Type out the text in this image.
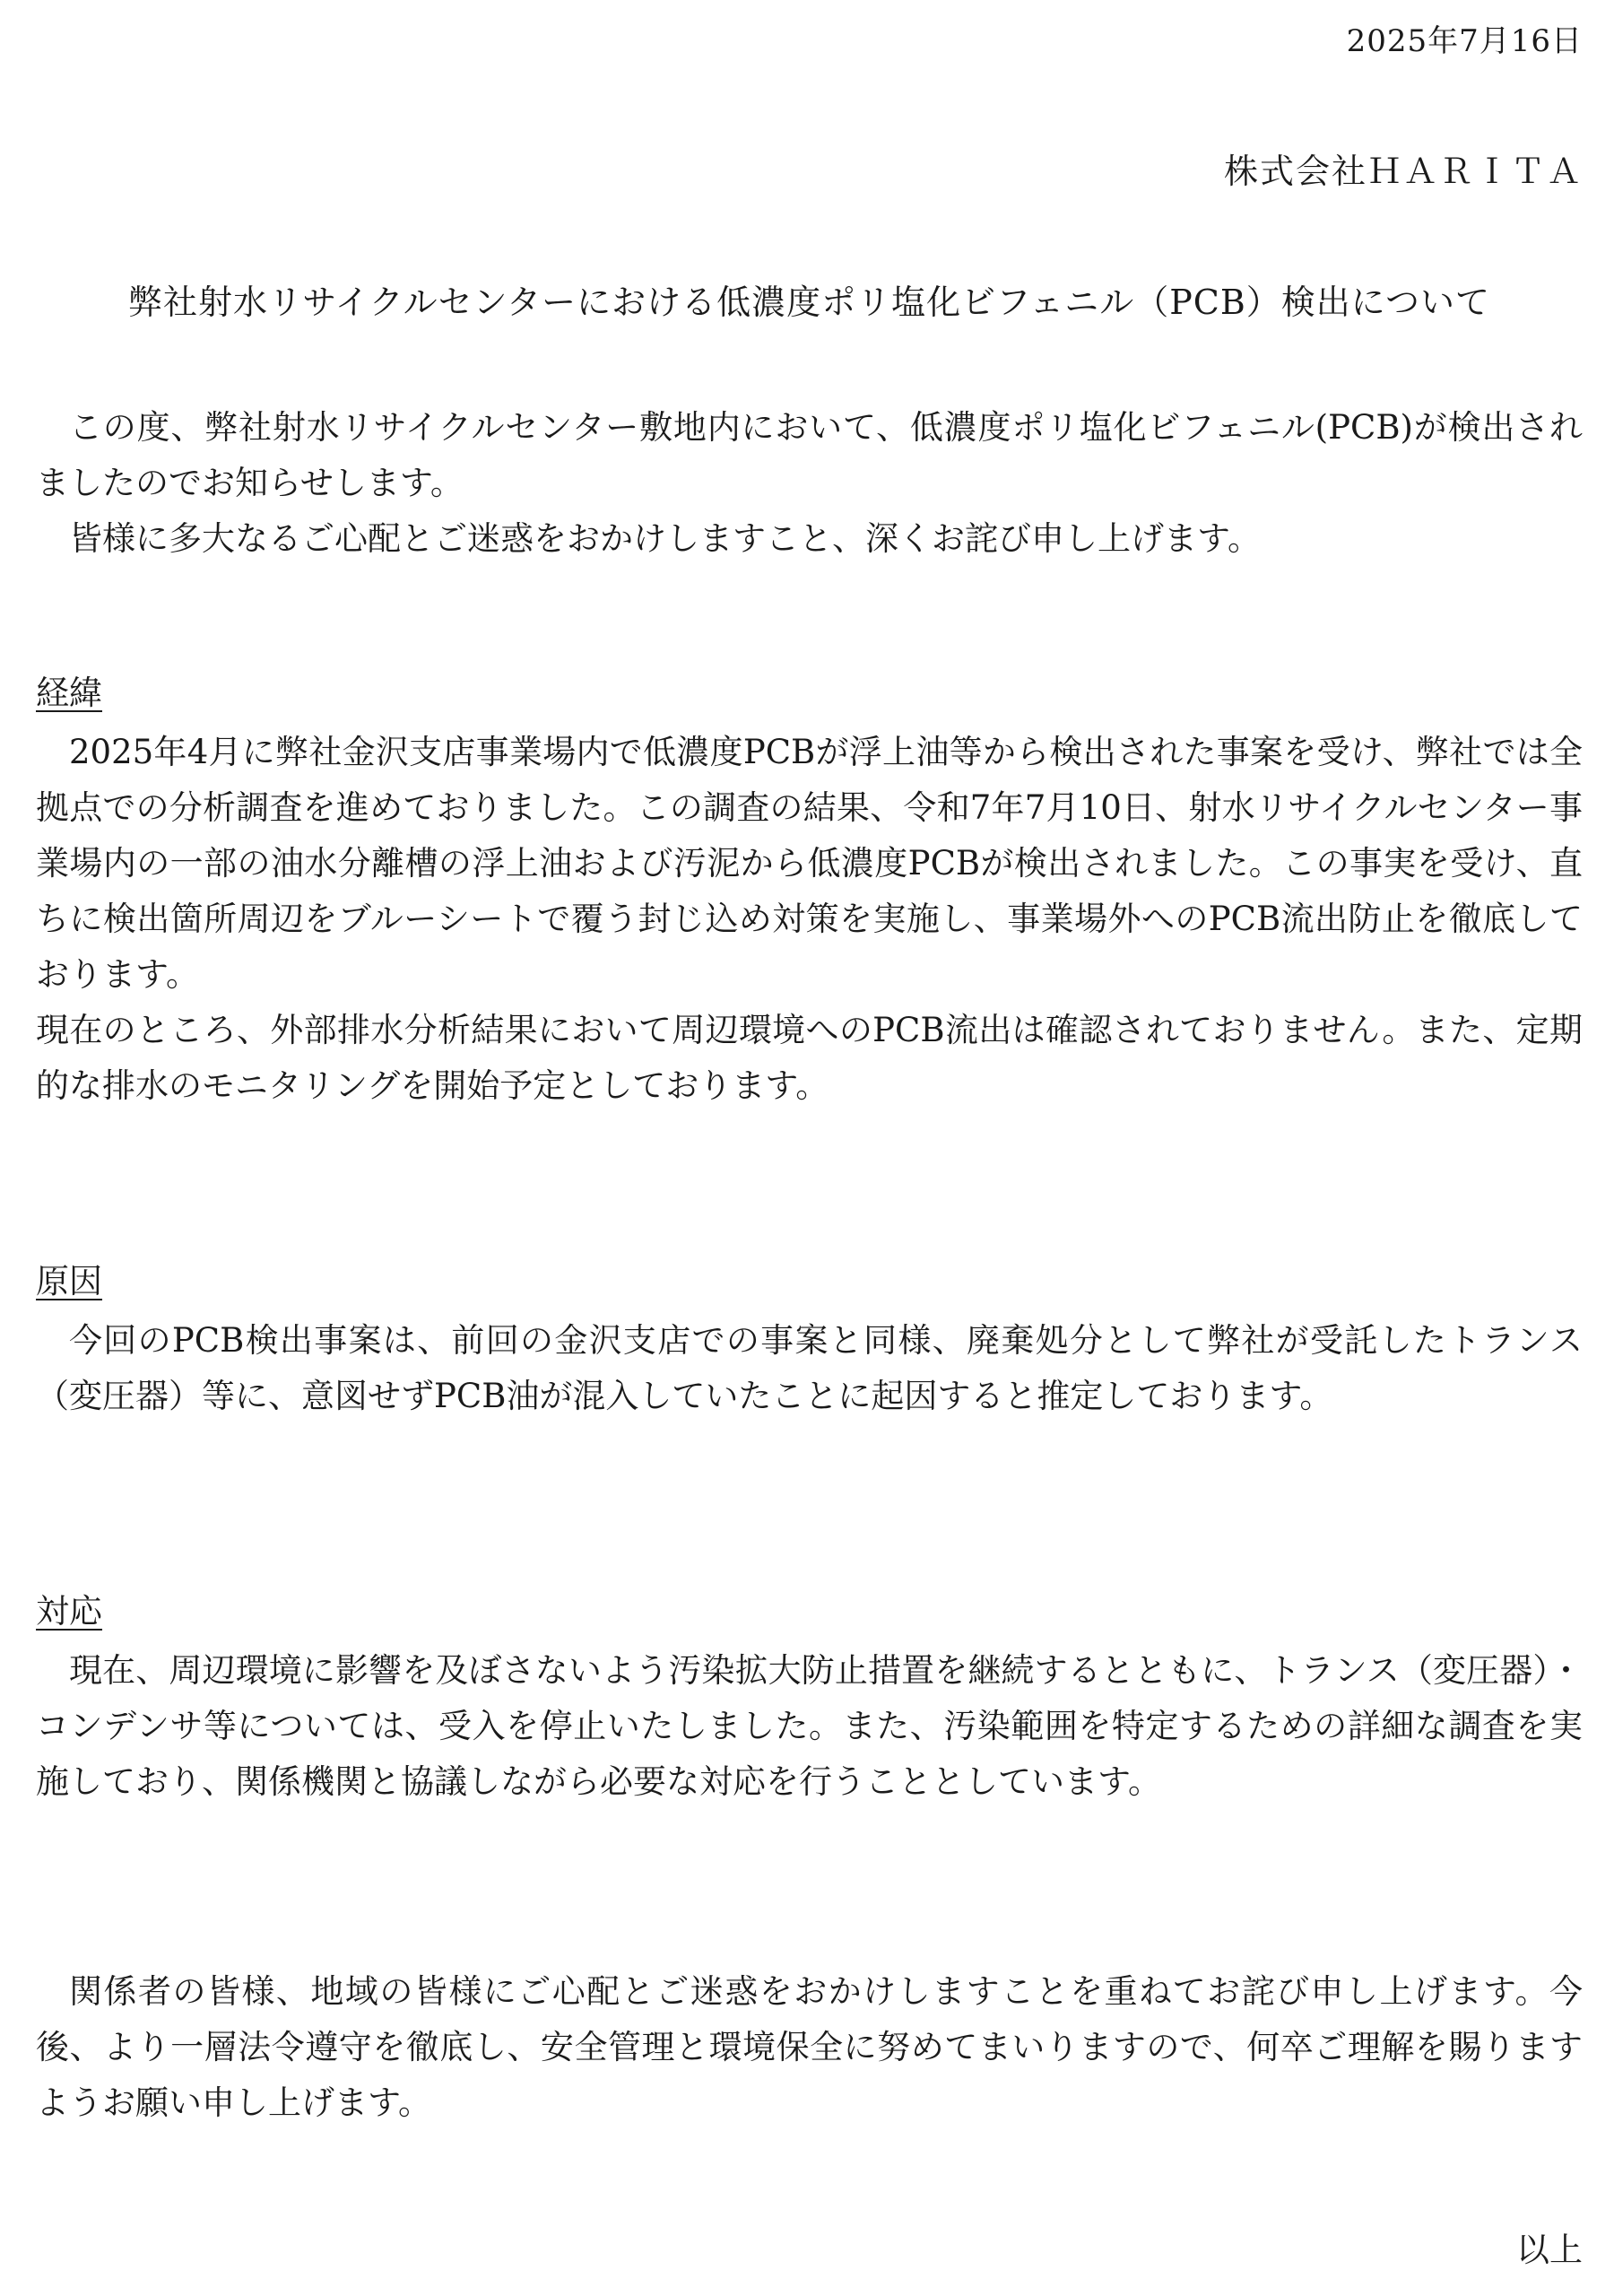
2025年7月16日
株式会社ＨＡＲＩＴＡ
弊社射水リサイクルセンターにおける低濃度ポリ塩化ビフェニル（PCB）検出について

この度、弊社射水リサイクルセンター敷地内において、低濃度ポリ塩化ビフェニル(PCB)が検出されましたのでお知らせします。

皆様に多大なるご心配とご迷惑をおかけしますこと、深くお詫び申し上げます。

経緯

2025年4月に弊社金沢支店事業場内で低濃度PCBが浮上油等から検出された事案を受け、弊社では全拠点での分析調査を進めておりました。この調査の結果、令和7年7月10日、射水リサイクルセンター事業場内の一部の油水分離槽の浮上油および汚泥から低濃度PCBが検出されました。この事実を受け、直ちに検出箇所周辺をブルーシートで覆う封じ込め対策を実施し、事業場外へのPCB流出防止を徹底しております。

現在のところ、外部排水分析結果において周辺環境へのPCB流出は確認されておりません。また、定期的な排水のモニタリングを開始予定としております。

原因

今回のPCB検出事案は、前回の金沢支店での事案と同様、廃棄処分として弊社が受託したトランス（変圧器）等に、意図せずPCB油が混入していたことに起因すると推定しております。

対応

現在、周辺環境に影響を及ぼさないよう汚染拡大防止措置を継続するとともに、トランス（変圧器）・コンデンサ等については、受入を停止いたしました。また、汚染範囲を特定するための詳細な調査を実施しており、関係機関と協議しながら必要な対応を行うこととしています。

関係者の皆様、地域の皆様にご心配とご迷惑をおかけしますことを重ねてお詫び申し上げます。今後、より一層法令遵守を徹底し、安全管理と環境保全に努めてまいりますので、何卒ご理解を賜りますようお願い申し上げます。

以上
